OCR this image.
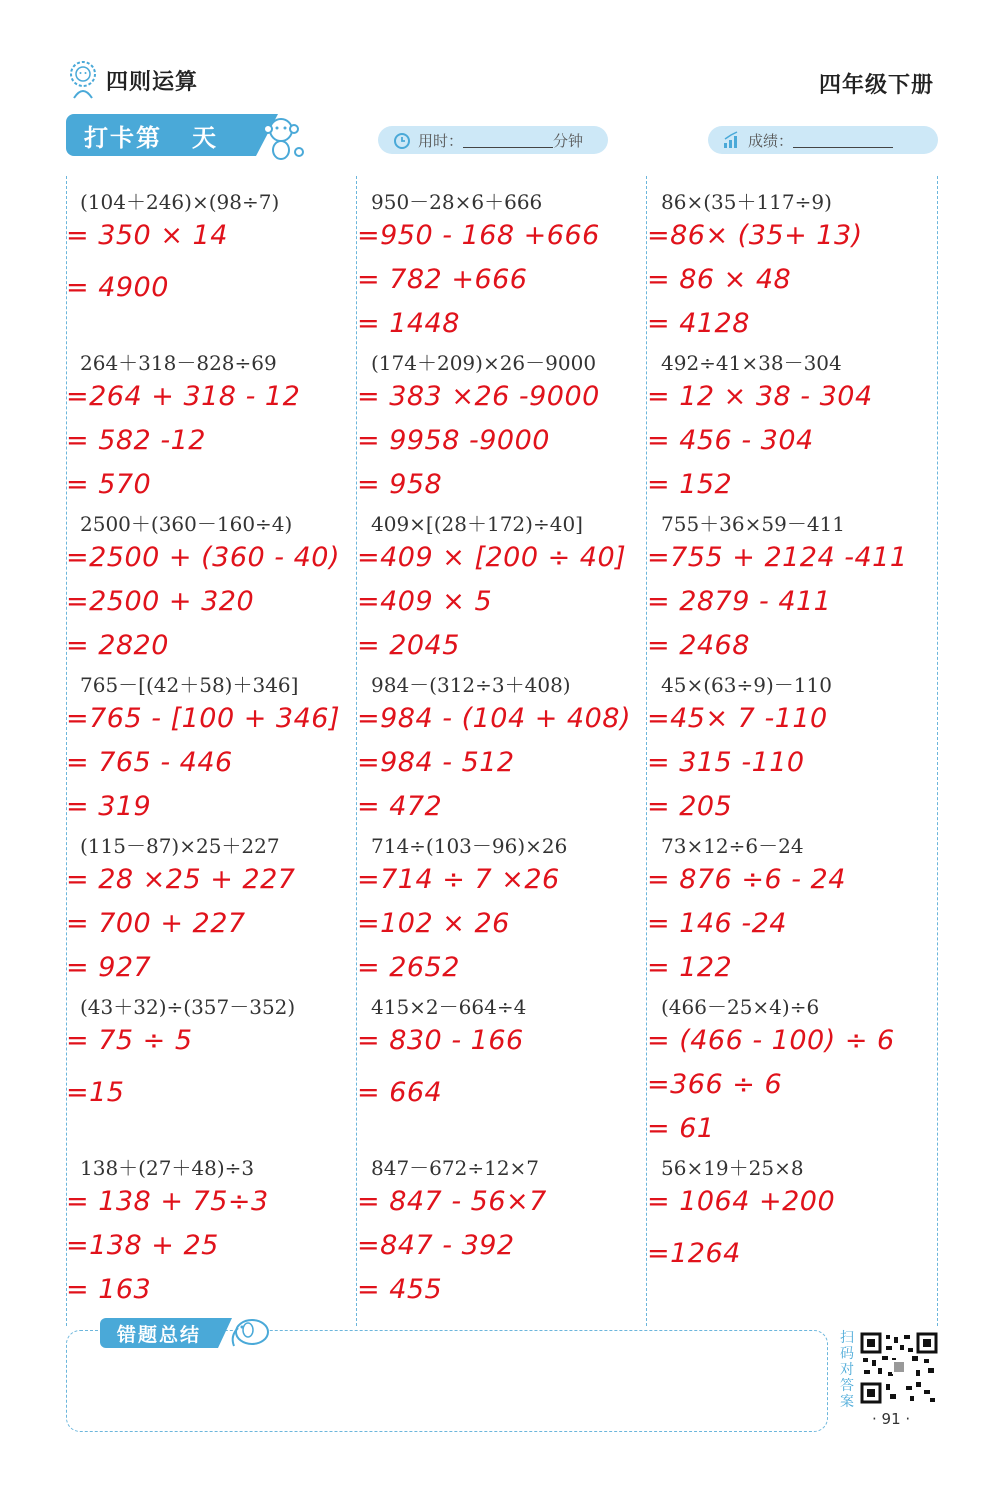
四则运算	四年级下册
打卡第 天	用时：	分钟	成绩：
(104＋246)×(98÷7)
= 350 × 14
= 4900
264＋318－828÷69
=264 + 318 - 12
= 582 -12
= 570
2500＋(360－160÷4)
=2500 + (360 - 40)
=2500 + 320
= 2820
765－[(42＋58)＋346]
=765 - [100 + 346]
= 765 - 446
= 319
(115－87)×25＋227
= 28 ×25 + 227
= 700 + 227
= 927
(43＋32)÷(357－352)
= 75 ÷ 5
=15
138＋(27＋48)÷3
= 138 + 75÷3
=138 + 25
= 163
950－28×6＋666
=950 - 168 +666
= 782 +666
= 1448
(174＋209)×26－9000
= 383 ×26 -9000
= 9958 -9000
= 958
409×[(28＋172)÷40]
=409 × [200 ÷ 40]
=409 × 5
= 2045
984－(312÷3＋408)
=984 - (104 + 408)
=984 - 512
= 472
714÷(103－96)×26
=714 ÷ 7 ×26
=102 × 26
= 2652
415×2－664÷4
= 830 - 166
= 664
847－672÷12×7
= 847 - 56×7
=847 - 392
= 455
86×(35＋117÷9)
=86× (35+ 13)
= 86 × 48
= 4128
492÷41×38－304
= 12 × 38 - 304
= 456 - 304
= 152
755＋36×59－411
=755 + 2124 -411
= 2879 - 411
= 2468
45×(63÷9)－110
=45× 7 -110
= 315 -110
= 205
73×12÷6－24
= 876 ÷6 - 24
= 146 -24
= 122
(466－25×4)÷6
= (466 - 100) ÷ 6
=366 ÷ 6
= 61
56×19＋25×8
= 1064 +200
=1264
错题总结	扫码对答案
· 91 ·
